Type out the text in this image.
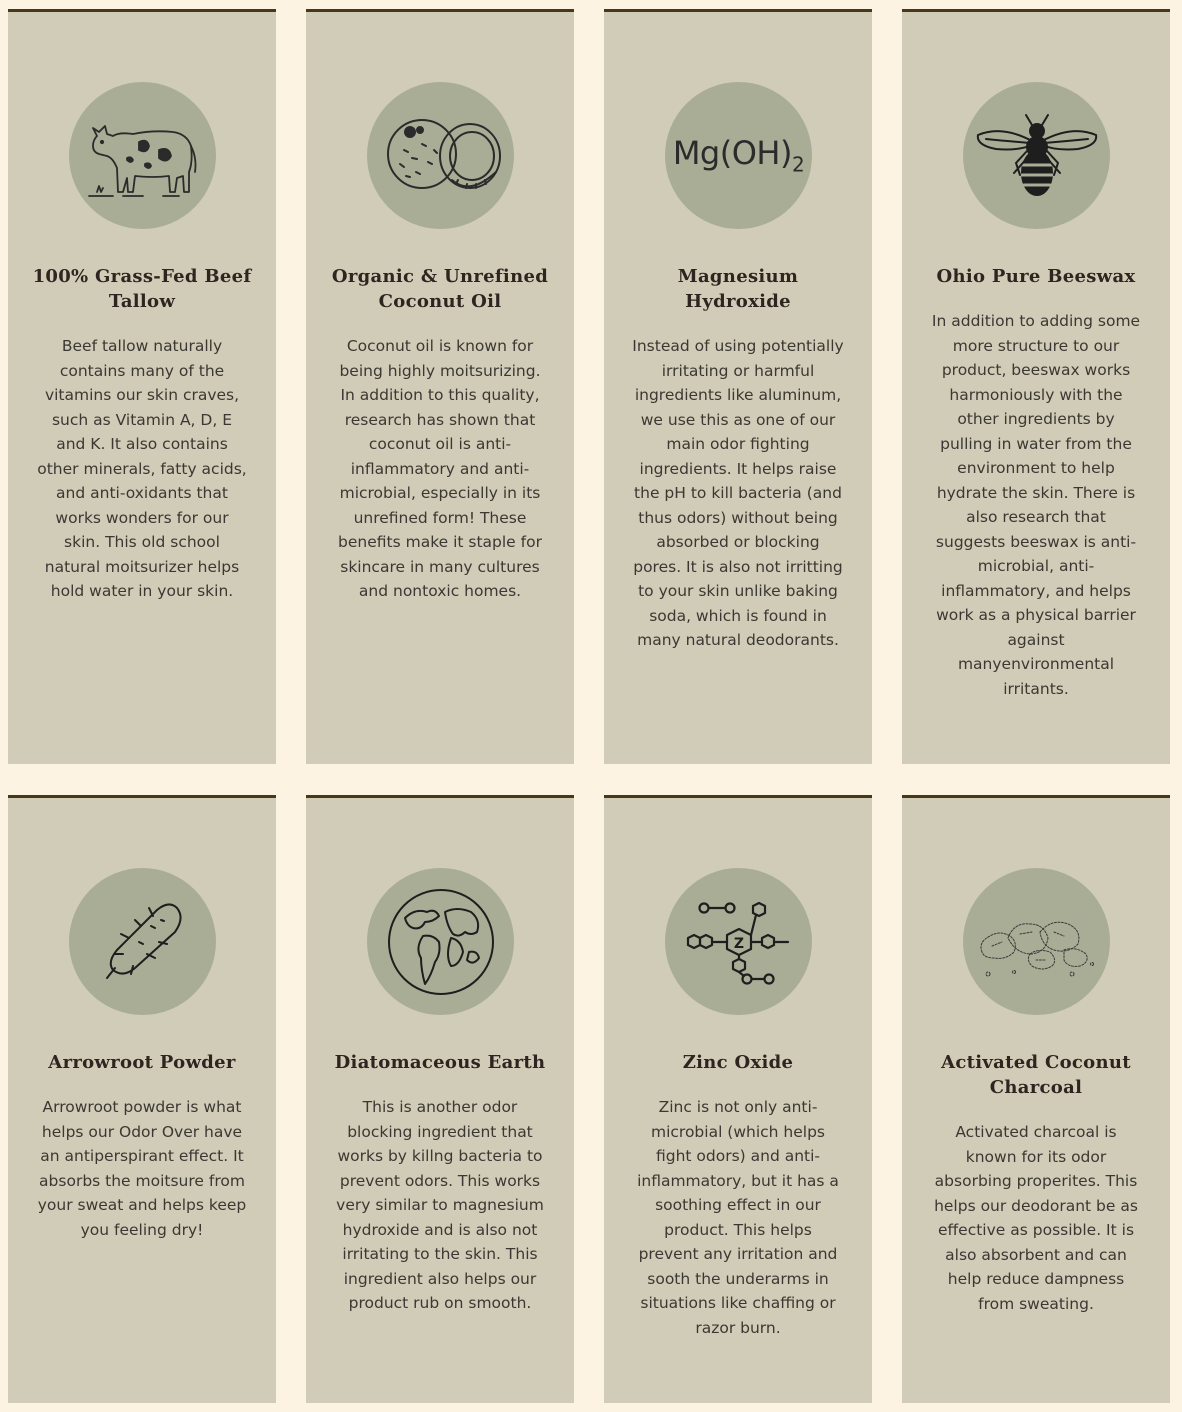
100% Grass-Fed Beef Tallow

Beef tallow naturally contains many of the vitamins our skin craves, such as Vitamin A, D, E and K. It also contains other minerals, fatty acids, and anti-oxidants that works wonders for our skin. This old school natural moitsurizer helps hold water in your skin.

Organic & Unrefined Coconut Oil

Coconut oil is known for being highly moitsurizing. In addition to this quality, research has shown that coconut oil is anti-inflammatory and anti-microbial, especially in its unrefined form! These benefits make it staple for skincare in many cultures and nontoxic homes.

$Mg(OH)_2$
Magnesium Hydroxide

Instead of using potentially irritating or harmful ingredients like aluminum, we use this as one of our main odor fighting ingredients. It helps raise the pH to kill bacteria (and thus odors) without being absorbed or blocking pores. It is also not irritting to your skin unlike baking soda, which is found in many natural deodorants.

Ohio Pure Beeswax

In addition to adding some more structure to our product, beeswax works harmoniously with the other ingredients by pulling in water from the environment to help hydrate the skin. There is also research that suggests beeswax is anti-microbial, anti-inflammatory, and helps work as a physical barrier against manyenvironmental irritants.

Arrowroot Powder

Arrowroot powder is what helps our Odor Over have an antiperspirant effect. It absorbs the moitsure from your sweat and helps keep you feeling dry!

Diatomaceous Earth

This is another odor blocking ingredient that works by killng bacteria to prevent odors. This works very similar to magnesium hydroxide and is also not irritating to the skin. This ingredient also helps our product rub on smooth.

Z
Zinc Oxide

Zinc is not only anti-microbial (which helps fight odors) and anti-inflammatory, but it has a soothing effect in our product. This helps prevent any irritation and sooth the underarms in situations like chaffing or razor burn.

Activated Coconut Charcoal

Activated charcoal is known for its odor absorbing properites. This helps our deodorant be as effective as possible. It is also absorbent and can help reduce dampness from sweating.
